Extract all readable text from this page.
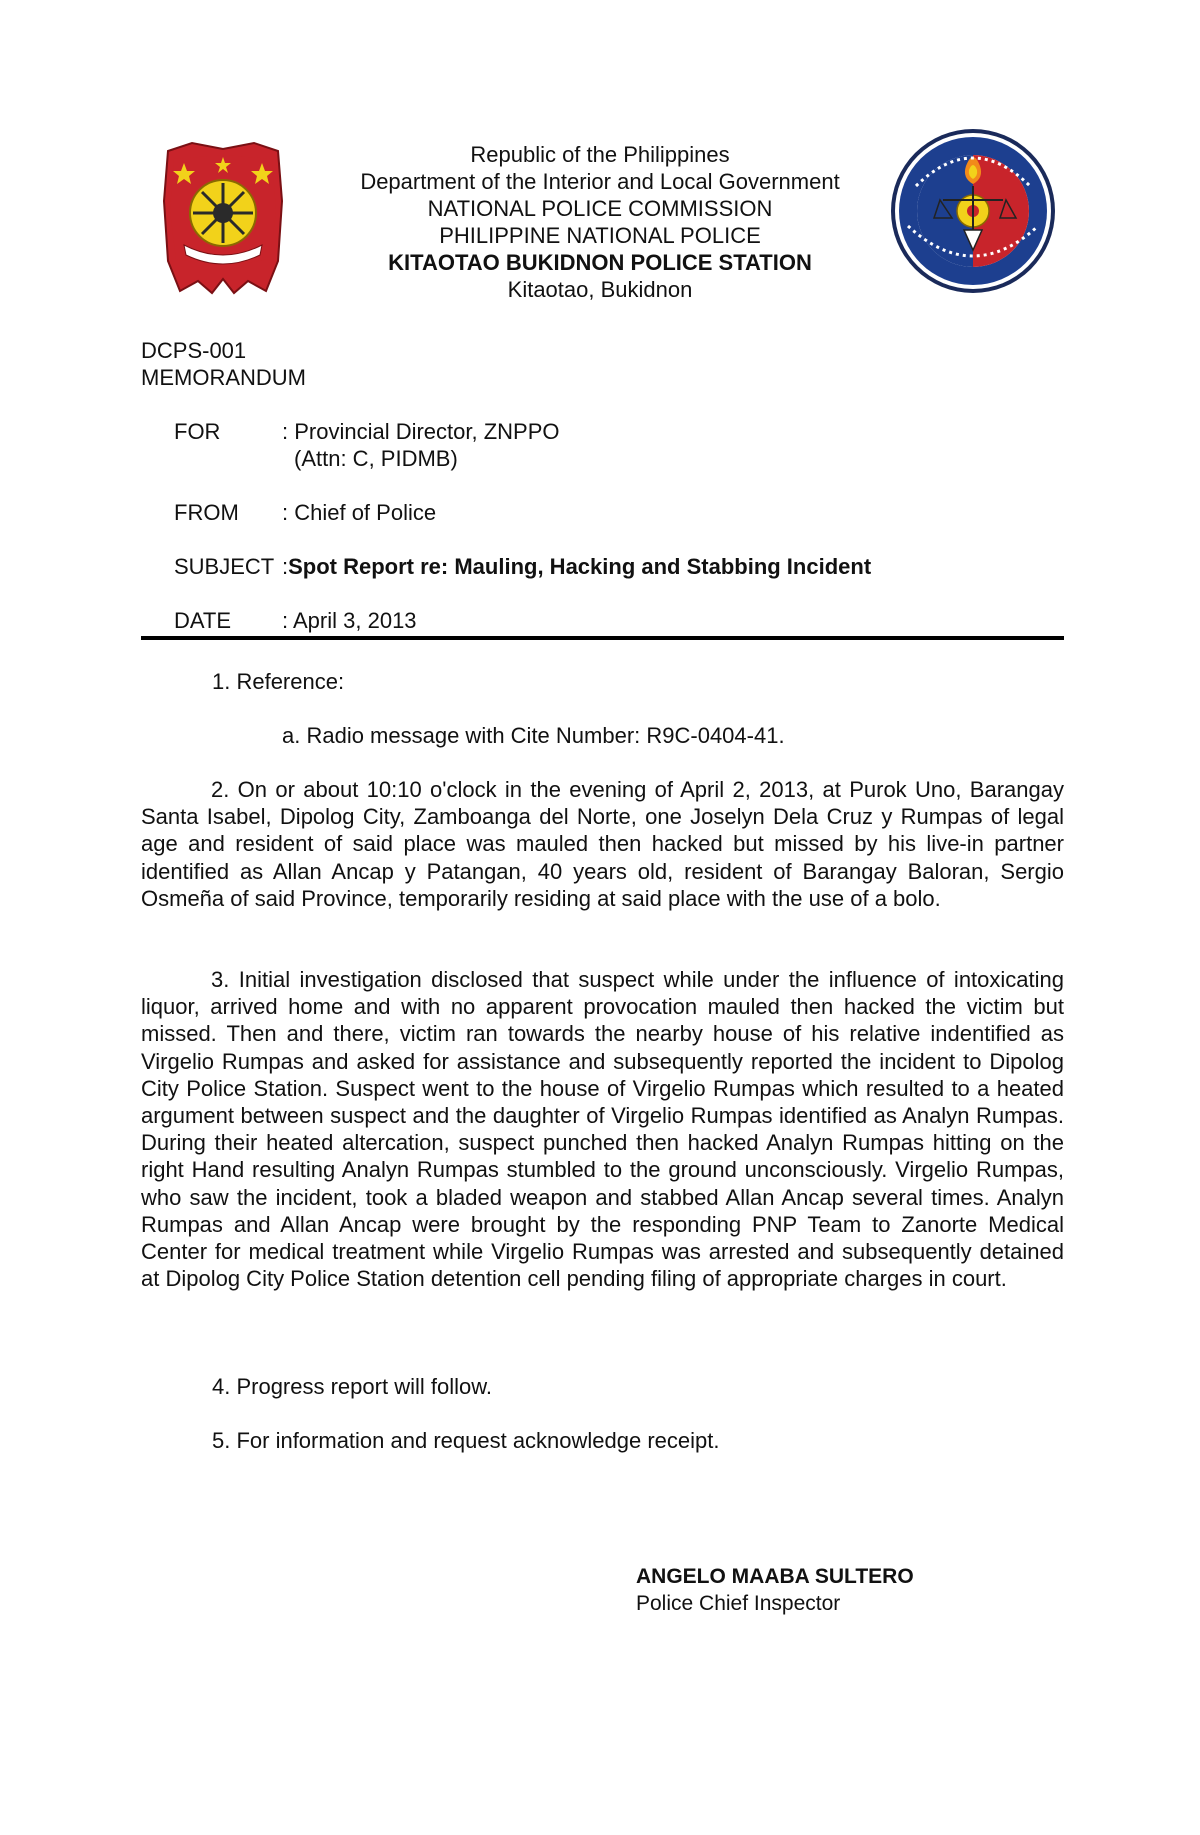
Republic of the Philippines
Department of the Interior and Local Government
NATIONAL POLICE COMMISSION
PHILIPPINE NATIONAL POLICE
KITAOTAO BUKIDNON POLICE STATION
Kitaotao, Bukidnon
DCPS-001
MEMORANDUM
FOR	: Provincial Director, ZNPPO
(Attn: C, PIDMB)
FROM : Chief of Police
SUBJECT :Spot Report re: Mauling, Hacking and Stabbing Incident
DATE : April 3, 2013
1. Reference:
a. Radio message with Cite Number: R9C-0404-41.
2. On or about 10:10 o'clock in the evening of April 2, 2013, at Purok Uno, Barangay Santa Isabel, Dipolog City, Zamboanga del Norte, one Joselyn Dela Cruz y Rumpas of legal age and resident of said place was mauled then hacked but missed by his live-in partner identified as Allan Ancap y Patangan, 40 years old, resident of Barangay Baloran, Sergio Osmeña of said Province, temporarily residing at said place with the use of a bolo.
3. Initial investigation disclosed that suspect while under the influence of intoxicating liquor, arrived home and with no apparent provocation mauled then hacked the victim but missed. Then and there, victim ran towards the nearby house of his relative indentified as Virgelio Rumpas and asked for assistance and subsequently reported the incident to Dipolog City Police Station. Suspect went to the house of Virgelio Rumpas which resulted to a heated argument between suspect and the daughter of Virgelio Rumpas identified as Analyn Rumpas. During their heated altercation, suspect punched then hacked Analyn Rumpas hitting on the right Hand resulting Analyn Rumpas stumbled to the ground unconsciously. Virgelio Rumpas, who saw the incident, took a bladed weapon and stabbed Allan Ancap several times. Analyn Rumpas and Allan Ancap were brought by the responding PNP Team to Zanorte Medical Center for medical treatment while Virgelio Rumpas was arrested and subsequently detained at Dipolog City Police Station detention cell pending filing of appropriate charges in court.
4. Progress report will follow.
5. For information and request acknowledge receipt.
ANGELO MAABA SULTERO
Police Chief Inspector
